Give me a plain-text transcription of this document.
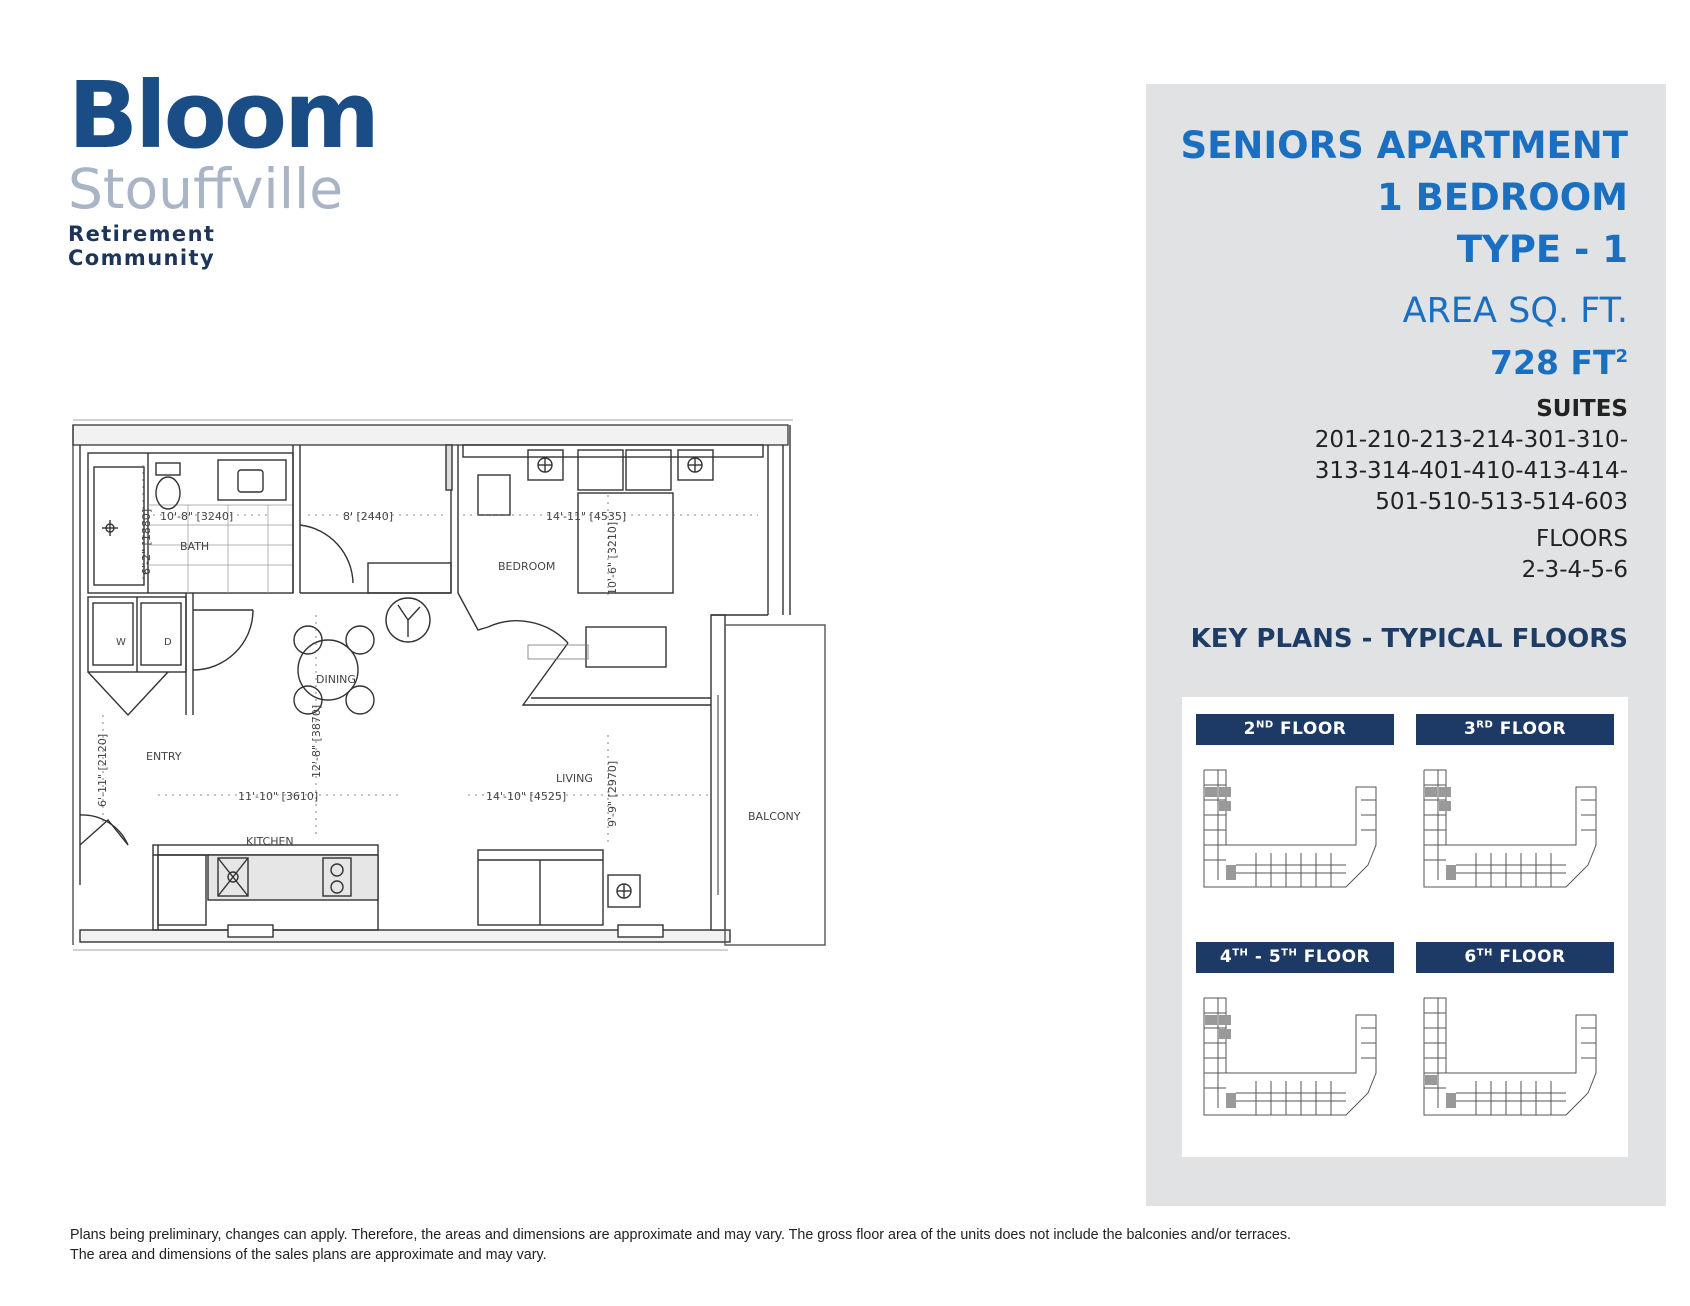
Bloom
Stouffville
Retirement Community
BATH
BEDROOM
W	D
DINING
ENTRY
LIVING
KITCHEN
BALCONY
10'-8" [3240]	8' [2440]	14'-11" [4535]
11'-10" [3610]	14'-10" [4525]
6'-2" [1880]	10'-6" [3210]
12'-8" [3870]
6'-11" [2120]	9'-9" [2970]
SENIORS APARTMENT
1 BEDROOM
TYPE - 1
AREA SQ. FT.
728 $FT^2$
SUITES
201-210-213-214-301-310-
313-314-401-410-413-414-
501-510-513-514-603
FLOORS
2-3-4-5-6
KEY PLANS - TYPICAL FLOORS
2ND FLOOR	3RD FLOOR
4TH - 5TH FLOOR	6TH FLOOR
Plans being preliminary, changes can apply. Therefore, the areas and dimensions are approximate and may vary. The gross floor area of the units does not include the balconies and/or terraces.
The area and dimensions of the sales plans are approximate and may vary.
